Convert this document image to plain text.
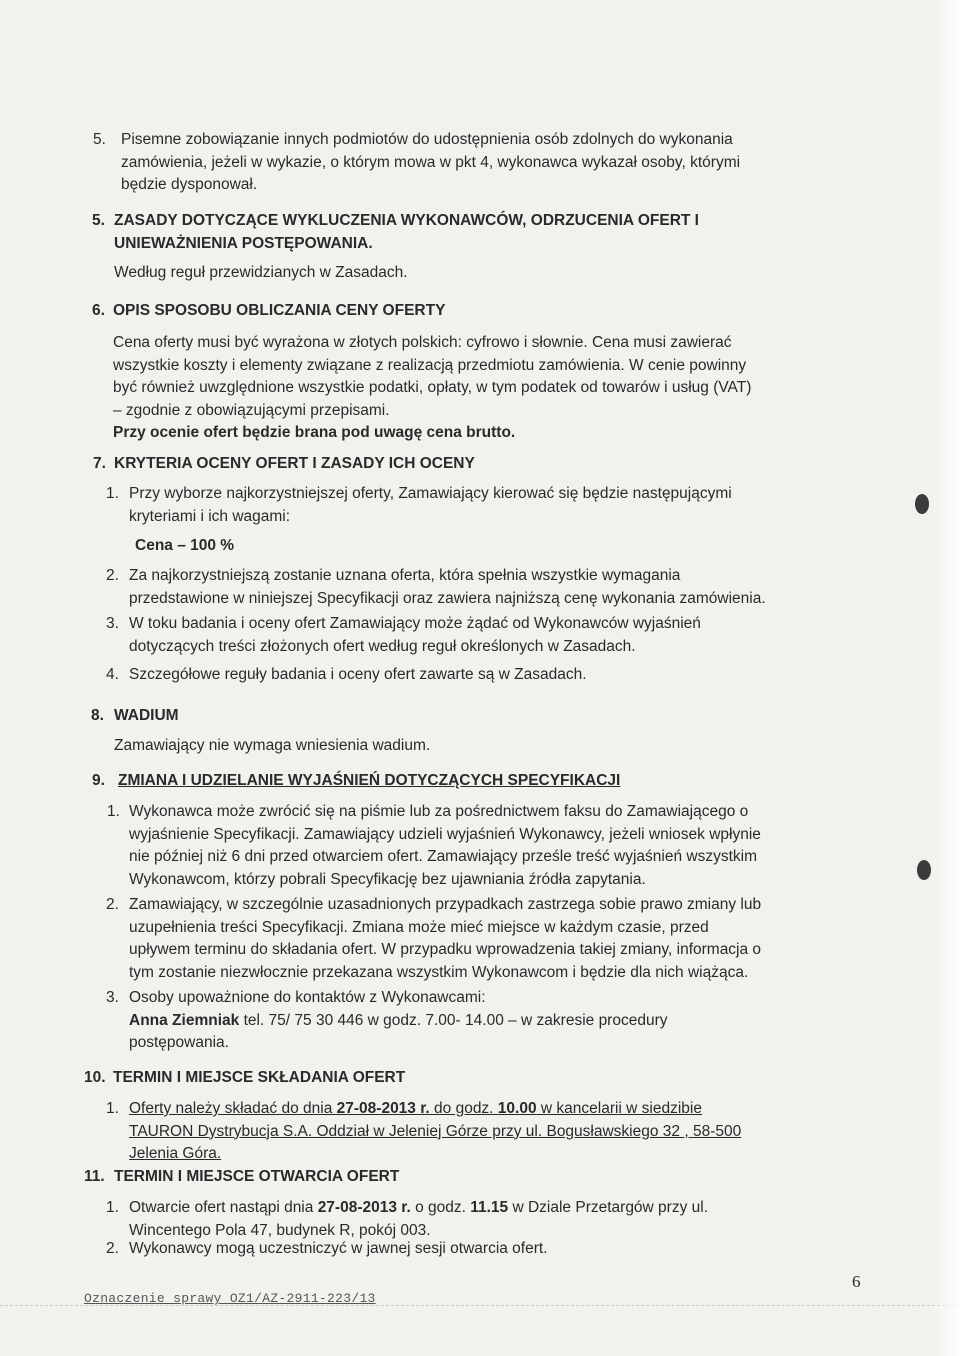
5. Pisemne zobowiązanie innych podmiotów do udostępnienia osób zdolnych do wykonania
zamówienia, jeżeli w wykazie, o którym mowa w pkt 4, wykonawca wykazał osoby, którymi
będzie dysponował.
5. ZASADY DOTYCZĄCE WYKLUCZENIA WYKONAWCÓW, ODRZUCENIA OFERT I
UNIEWAŻNIENIA POSTĘPOWANIA.
Według reguł przewidzianych w Zasadach.
6. OPIS SPOSOBU OBLICZANIA CENY OFERTY
Cena oferty musi być wyrażona w złotych polskich: cyfrowo i słownie. Cena musi zawierać
wszystkie koszty i elementy związane z realizacją przedmiotu zamówienia. W cenie powinny
być również uwzględnione wszystkie podatki, opłaty, w tym podatek od towarów i usług (VAT)
– zgodnie z obowiązującymi przepisami.
Przy ocenie ofert będzie brana pod uwagę cena brutto.
7. KRYTERIA OCENY OFERT I ZASADY ICH OCENY
1. Przy wyborze najkorzystniejszej oferty, Zamawiający kierować się będzie następującymi
kryteriami i ich wagami:
Cena – 100 %
2. Za najkorzystniejszą zostanie uznana oferta, która spełnia wszystkie wymagania
przedstawione w niniejszej Specyfikacji oraz zawiera najniższą cenę wykonania zamówienia.
3. W toku badania i oceny ofert Zamawiający może żądać od Wykonawców wyjaśnień
dotyczących treści złożonych ofert według reguł określonych w Zasadach.
4. Szczegółowe reguły badania i oceny ofert zawarte są w Zasadach.
8. WADIUM
Zamawiający nie wymaga wniesienia wadium.
9. ZMIANA I UDZIELANIE WYJAŚNIEŃ DOTYCZĄCYCH SPECYFIKACJI
1. Wykonawca może zwrócić się na piśmie lub za pośrednictwem faksu do Zamawiającego o
wyjaśnienie Specyfikacji. Zamawiający udzieli wyjaśnień Wykonawcy, jeżeli wniosek wpłynie
nie później niż 6 dni przed otwarciem ofert. Zamawiający prześle treść wyjaśnień wszystkim
Wykonawcom, którzy pobrali Specyfikację bez ujawniania źródła zapytania.
2. Zamawiający, w szczególnie uzasadnionych przypadkach zastrzega sobie prawo zmiany lub
uzupełnienia treści Specyfikacji. Zmiana może mieć miejsce w każdym czasie, przed
upływem terminu do składania ofert. W przypadku wprowadzenia takiej zmiany, informacja o
tym zostanie niezwłocznie przekazana wszystkim Wykonawcom i będzie dla nich wiążąca.
3. Osoby upoważnione do kontaktów z Wykonawcami:
Anna Ziemniak tel. 75/ 75 30 446 w godz. 7.00- 14.00 – w zakresie procedury
postępowania.
10. TERMIN I MIEJSCE SKŁADANIA OFERT
1. Oferty należy składać do dnia 27-08-2013 r. do godz. 10.00 w kancelarii w siedzibie
TAURON Dystrybucja S.A. Oddział w Jeleniej Górze przy ul. Bogusławskiego 32 , 58-500
Jelenia Góra.
11. TERMIN I MIEJSCE OTWARCIA OFERT
1. Otwarcie ofert nastąpi dnia 27-08-2013 r. o godz. 11.15 w Dziale Przetargów przy ul.
Wincentego Pola 47, budynek R, pokój 003.
2. Wykonawcy mogą uczestniczyć w jawnej sesji otwarcia ofert.
6
Oznaczenie sprawy OZ1/AZ-2911-223/13
